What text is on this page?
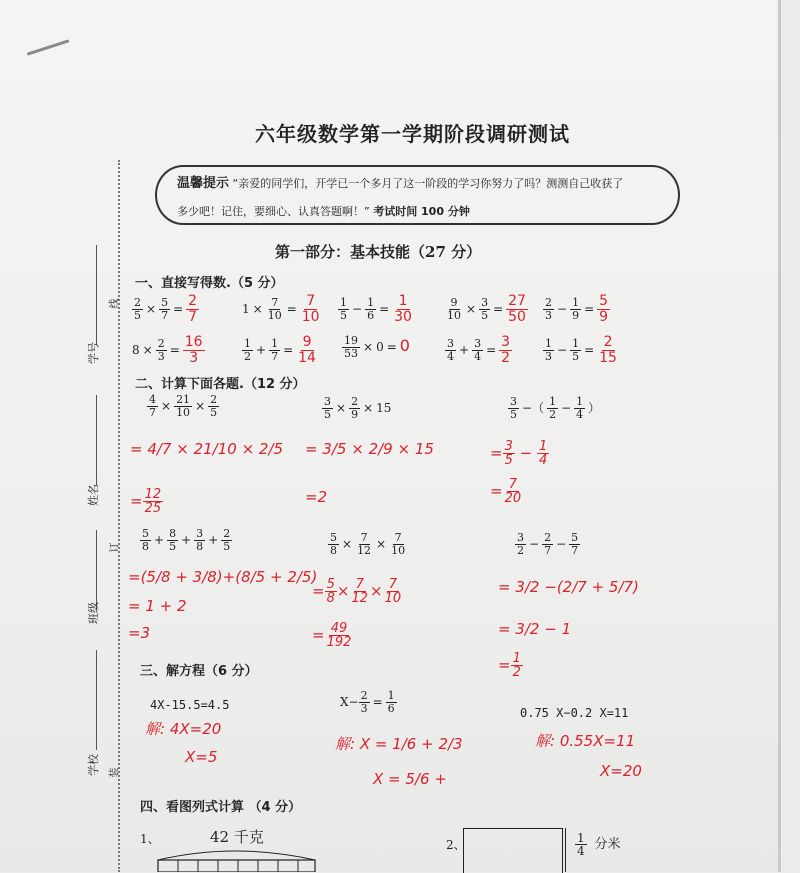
学号
姓名
班级
学校
线
订
装
六年级数学第一学期阶段调研测试
温馨提示 “亲爱的同学们，开学已一个多月了这一阶段的学习你努力了吗？测测自己收获了
多少吧！记住，要细心、认真答题啊！” 考试时间 100 分钟
第一部分：基本技能（27 分）
一、直接写得数.（5 分）
$\frac{2}{5} \times \frac{5}{7} = \frac{2}{7}$	$1 \times \frac{7}{10} = \frac{7}{10} \frac{1}{5} - \frac{1}{6} = \frac{1}{30}$	$\frac{9}{10} \times \frac{3}{5} = \frac{27}{50} \frac{2}{3} - \frac{1}{9} = \frac{5}{9}$
$8 \times \frac{2}{3} = \frac{16}{3}$	$\frac{1}{2} + \frac{1}{7} = \frac{9}{14} \frac{19}{53} \times 0 = 0$	$\frac{3}{4} + \frac{3}{4} = \frac{3}{2}$	$\frac{1}{3} - \frac{1}{5} = \frac{2}{15}$
二、计算下面各题.（12 分）
$\frac{4}{7} \times \frac{21}{10} \times \frac{2}{5}$
= 4/7 × 21/10 × 2/5
= $\frac{12}{25}$
$\frac{3}{5} \times \frac{2}{9} \times 15$
= 3/5 × 2/9 × 15
=2
$\frac{3}{5}$ −（ $\frac{1}{2} - \frac{1}{4}$ ）
= $\frac{3}{5} - \frac{1}{4}$
= $\frac{7}{20}$
$\frac{5}{8} + \frac{8}{5} + \frac{3}{8} + \frac{2}{5}$
=(5/8 + 3/8)+(8/5 + 2/5)
= 1 + 2
=3
$\frac{5}{8} \times \frac{7}{12} \times \frac{7}{10}$
= $\frac{5}{8} \times \frac{7}{12} \times \frac{7}{10}$
= $\frac{49}{192}$
$\frac{3}{2} - \frac{2}{7} - \frac{5}{7}$
= 3/2 −(2/7 + 5/7)
= 3/2 − 1
= $\frac{1}{2}$
三、解方程（6 分）
4X-15.5=4.5
解: 4X=20
X=5
$X- \frac{2}{3} = \frac{1}{6}$
解: X = 1/6 + 2/3
X = 5/6 +
0.75 X−0.2 X=11
解: 0.55X=11
X=20
四、看图列式计算 （4 分）
1、	42 千克	2、	$\frac{1}{4}$ 分米
